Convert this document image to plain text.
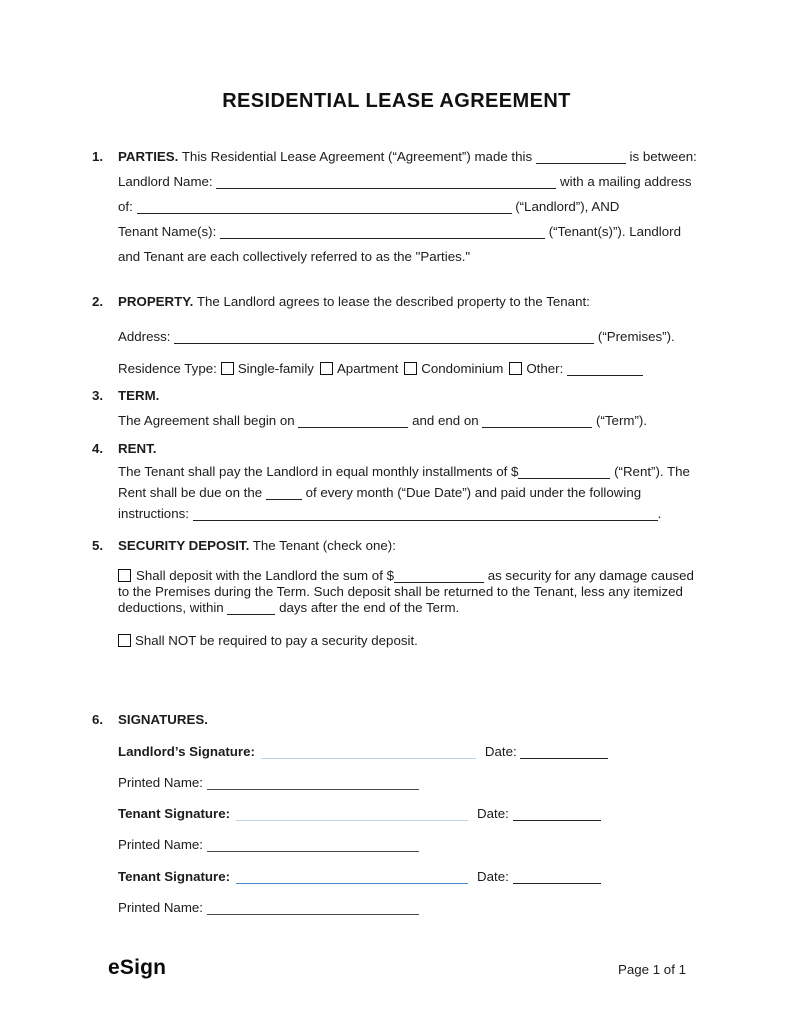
RESIDENTIAL LEASE AGREEMENT

1. PARTIES. This Residential Lease Agreement (“Agreement”) made this	is between:

Landlord Name:	with a mailing address

of:	(“Landlord”), AND

Tenant Name(s):	(“Tenant(s)”). Landlord

and Tenant are each collectively referred to as the "Parties."

2. PROPERTY. The Landlord agrees to lease the described property to the Tenant:

Address:	(“Premises”).

Residence Type: Single-family Apartment Condominium Other:

3. TERM.

The Agreement shall begin on	and end on	(“Term”).

4. RENT.

The Tenant shall pay the Landlord in equal monthly installments of $	(“Rent”). The

Rent shall be due on the	of every month (“Due Date”) and paid under the following

instructions:	.

5. SECURITY DEPOSIT. The Tenant (check one):

Shall deposit with the Landlord the sum of $	as security for any damage caused

to the Premises during the Term. Such deposit shall be returned to the Tenant, less any itemized

deductions, within	days after the end of the Term.

Shall NOT be required to pay a security deposit.

6. SIGNATURES.

Landlord’s Signature:	Date:

Printed Name:

Tenant Signature:	Date:

Printed Name:

Tenant Signature:	Date:

Printed Name:

eSign	Page 1 of 1
